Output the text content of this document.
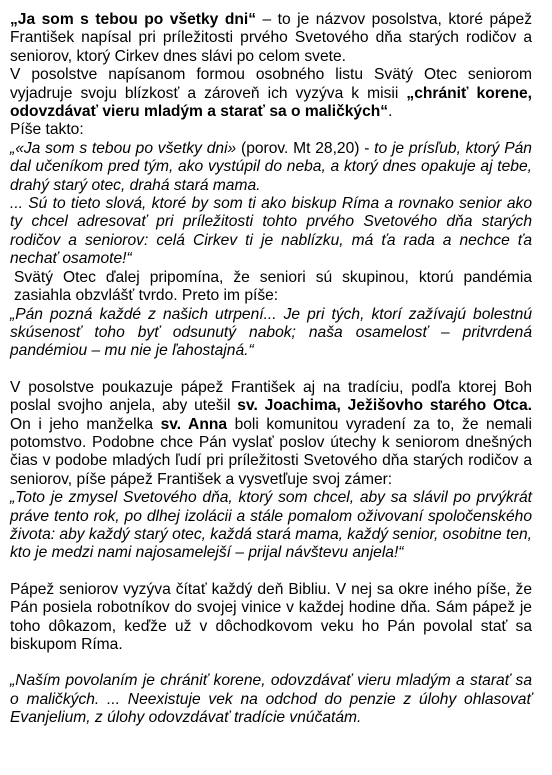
„Ja som s tebou po všetky dni“ – to je názvov posolstva, ktoré pápež František napísal pri príležitosti prvého Svetového dňa starých rodičov a seniorov, ktorý Cirkev dnes slávi po celom svete.

V posolstve napísanom formou osobného listu Svätý Otec seniorom vyjadruje svoju blízkosť a zároveň ich vyzýva k misii „chrániť korene, odovzdávať vieru mladým a starať sa o maličkých“.

Píše takto:

„«Ja som s tebou po všetky dni» (porov. Mt 28,20) - to je prísľub, ktorý Pán dal učeníkom pred tým, ako vystúpil do neba, a ktorý dnes opakuje aj tebe, drahý starý otec, drahá stará mama.

... Sú to tieto slová, ktoré by som ti ako biskup Ríma a rovnako senior ako ty chcel adresovať pri príležitosti tohto prvého Svetového dňa starých rodičov a seniorov: celá Cirkev ti je nablízku, má ťa rada a nechce ťa nechať osamote!“

Svätý Otec ďalej pripomína, že seniori sú skupinou, ktorú pandémia zasiahla obzvlášť tvrdo. Preto im píše:

„Pán pozná každé z našich utrpení... Je pri tých, ktorí zažívajú bolestnú skúsenosť toho byť odsunutý nabok; naša osamelosť – pritvrdená pandémiou – mu nie je ľahostajná.“

V posolstve poukazuje pápež František aj na tradíciu, podľa ktorej Boh poslal svojho anjela, aby utešil sv. Joachima, Ježišovho starého Otca. On i jeho manželka sv. Anna boli komunitou vyradení za to, že nemali potomstvo. Podobne chce Pán vyslať poslov útechy k seniorom dnešných čias v podobe mladých ľudí pri príležitosti Svetového dňa starých rodičov a seniorov, píše pápež František a vysvetľuje svoj zámer:

„Toto je zmysel Svetového dňa, ktorý som chcel, aby sa slávil po prvýkrát práve tento rok, po dlhej izolácii a stále pomalom oživovaní spoločenského života: aby každý starý otec, každá stará mama, každý senior, osobitne ten, kto je medzi nami najosamelejší – prijal návštevu anjela!“

Pápež seniorov vyzýva čítať každý deň Bibliu. V nej sa okre iného píše, že Pán posiela robotníkov do svojej vinice v každej hodine dňa. Sám pápež je toho dôkazom, keďže už v dôchodkovom veku ho Pán povolal stať sa biskupom Ríma.

„Naším povolaním je chrániť korene, odovzdávať vieru mladým a starať sa o maličkých. ... Neexistuje vek na odchod do penzie z úlohy ohlasovať Evanjelium, z úlohy odovzdávať tradície vnúčatám.
